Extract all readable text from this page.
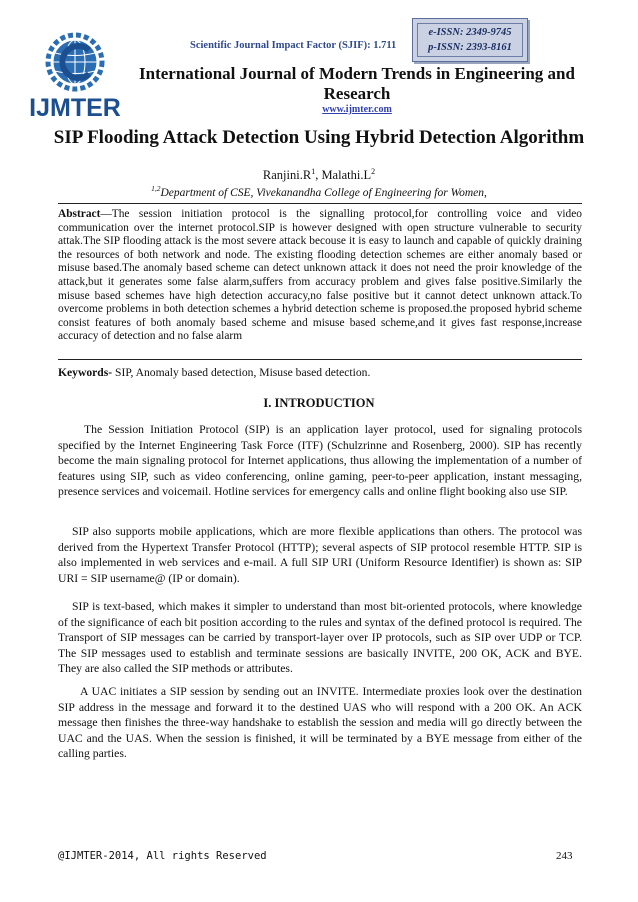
IJMTER
Scientific Journal Impact Factor (SJIF): 1.711
e-ISSN: 2349-9745
p-ISSN: 2393-8161
International Journal of Modern Trends in Engineering and Research
www.ijmter.com
SIP Flooding Attack Detection Using Hybrid Detection Algorithm
$Ranjini.R^1$, $Malathi.L^2$
$^{1,2}$Department of CSE, Vivekanandha College of Engineering for Women,
Abstract—The session initiation protocol is the signalling protocol,for controlling voice and video communication over the internet protocol.SIP is however designed with open structure vulnerable to security attak.The SIP flooding attack is the most severe attack becouse it is easy to launch and capable of quickly draining the resources of both network and node. The existing flooding detection schemes are either anomaly based or misuse based.The anomaly based scheme can detect unknown attack it does not need the proir knowledge of the attack,but it generates some false alarm,suffers from accuracy problem and gives false positive.Similarly the misuse based schemes have high detection accuracy,no false positive but it cannot detect unknown attack.To overcome problems in both detection schemes a hybrid detection scheme is proposed.the proposed hybrid scheme consist features of both anomaly based scheme and misuse based scheme,and it gives fast response,increase accuracy of detection and no false alarm
Keywords- SIP, Anomaly based detection, Misuse based detection.
I. INTRODUCTION

The Session Initiation Protocol (SIP) is an application layer protocol, used for signaling protocols specified by the Internet Engineering Task Force (ITF) (Schulzrinne and Rosenberg, 2000). SIP has recently become the main signaling protocol for Internet applications, thus allowing the implementation of a number of features using SIP, such as video conferencing, online gaming, peer-to-peer application, instant messaging, presence services and voicemail. Hotline services for emergency calls and online flight booking also use SIP.

SIP also supports mobile applications, which are more flexible applications than others. The protocol was derived from the Hypertext Transfer Protocol (HTTP); several aspects of SIP protocol resemble HTTP. SIP is also implemented in web services and e-mail. A full SIP URI (Uniform Resource Identifier) is shown as: SIP URI = SIP username@ (IP or domain).

SIP is text-based, which makes it simpler to understand than most bit-oriented protocols, where knowledge of the significance of each bit position according to the rules and syntax of the defined protocol is required. The Transport of SIP messages can be carried by transport-layer over IP protocols, such as SIP over UDP or TCP. The SIP messages used to establish and terminate sessions are basically INVITE, 200 OK, ACK and BYE. They are also called the SIP methods or attributes.

A UAC initiates a SIP session by sending out an INVITE. Intermediate proxies look over the destination SIP address in the message and forward it to the destined UAS who will respond with a 200 OK. An ACK message then finishes the three-way handshake to establish the session and media will go directly between the UAC and the UAS. When the session is finished, it will be terminated by a BYE message from either of the calling parties.

@IJMTER-2014, All rights Reserved	243
